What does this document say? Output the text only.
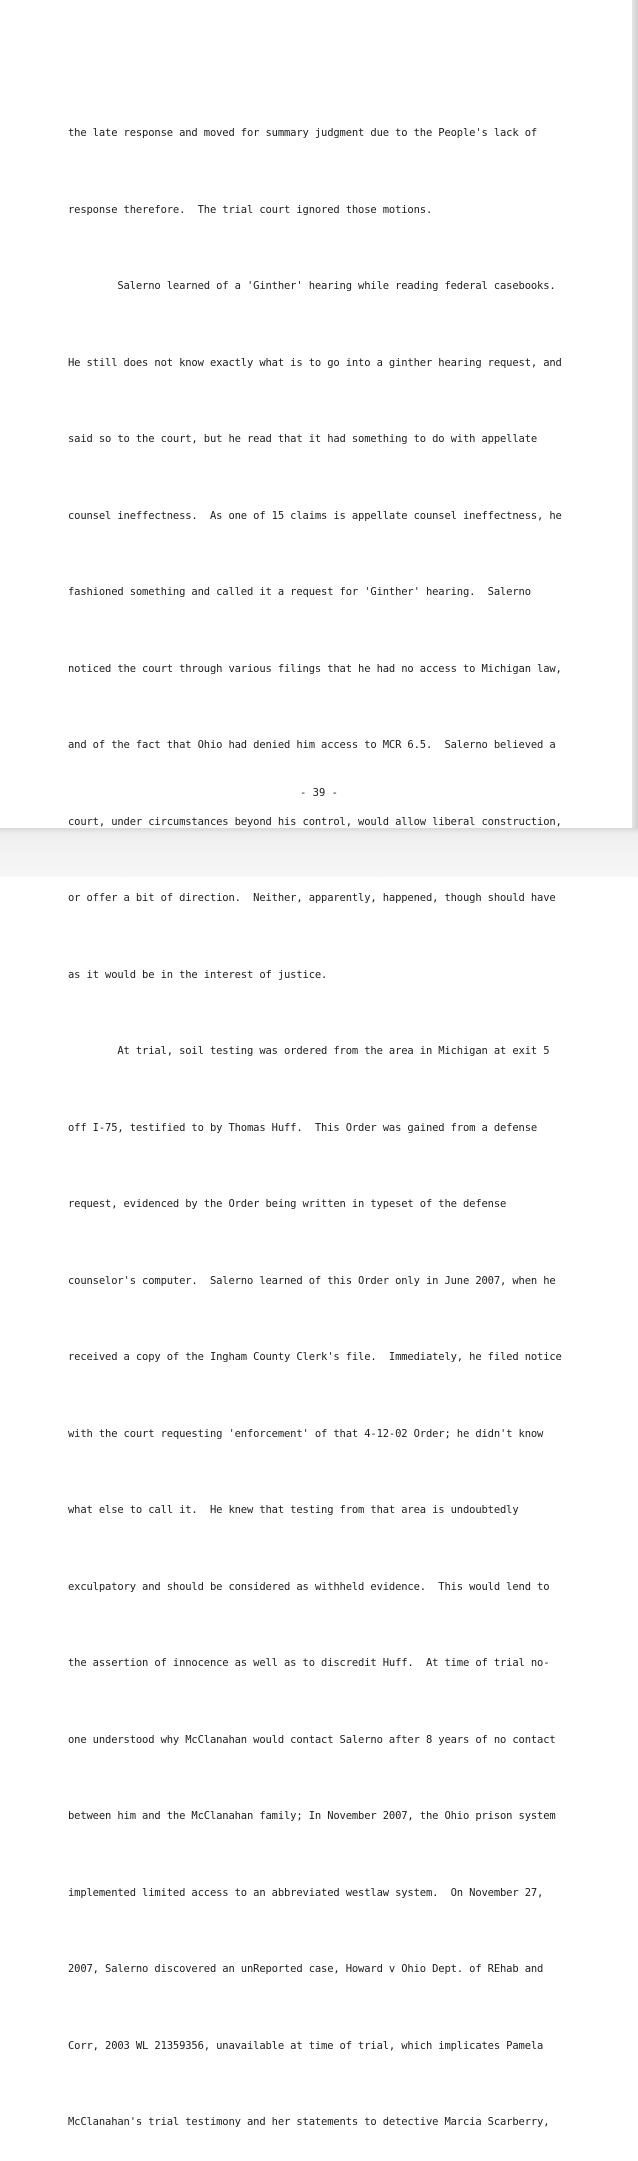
the late response and moved for summary judgment due to the People's lack of

response therefore.  The trial court ignored those motions.

Salerno learned of a 'Ginther' hearing while reading federal casebooks.

He still does not know exactly what is to go into a ginther hearing request, and

said so to the court, but he read that it had something to do with appellate

counsel ineffectness.  As one of 15 claims is appellate counsel ineffectness, he

fashioned something and called it a request for 'Ginther' hearing.  Salerno

noticed the court through various filings that he had no access to Michigan law,

and of the fact that Ohio had denied him access to MCR 6.5.  Salerno believed a

court, under circumstances beyond his control, would allow liberal construction,

or offer a bit of direction.  Neither, apparently, happened, though should have

as it would be in the interest of justice.

At trial, soil testing was ordered from the area in Michigan at exit 5

off I-75, testified to by Thomas Huff.  This Order was gained from a defense

request, evidenced by the Order being written in typeset of the defense

counselor's computer.  Salerno learned of this Order only in June 2007, when he

received a copy of the Ingham County Clerk's file.  Immediately, he filed notice

with the court requesting 'enforcement' of that 4-12-02 Order; he didn't know

what else to call it.  He knew that testing from that area is undoubtedly

exculpatory and should be considered as withheld evidence.  This would lend to

the assertion of innocence as well as to discredit Huff.  At time of trial no-

one understood why McClanahan would contact Salerno after 8 years of no contact

between him and the McClanahan family; In November 2007, the Ohio prison system

implemented limited access to an abbreviated westlaw system.  On November 27,

2007, Salerno discovered an unReported case, Howard v Ohio Dept. of REhab and

Corr, 2003 WL 21359356, unavailable at time of trial, which implicates Pamela

McClanahan's trial testimony and her statements to detective Marcia Scarberry,

- 39 -
